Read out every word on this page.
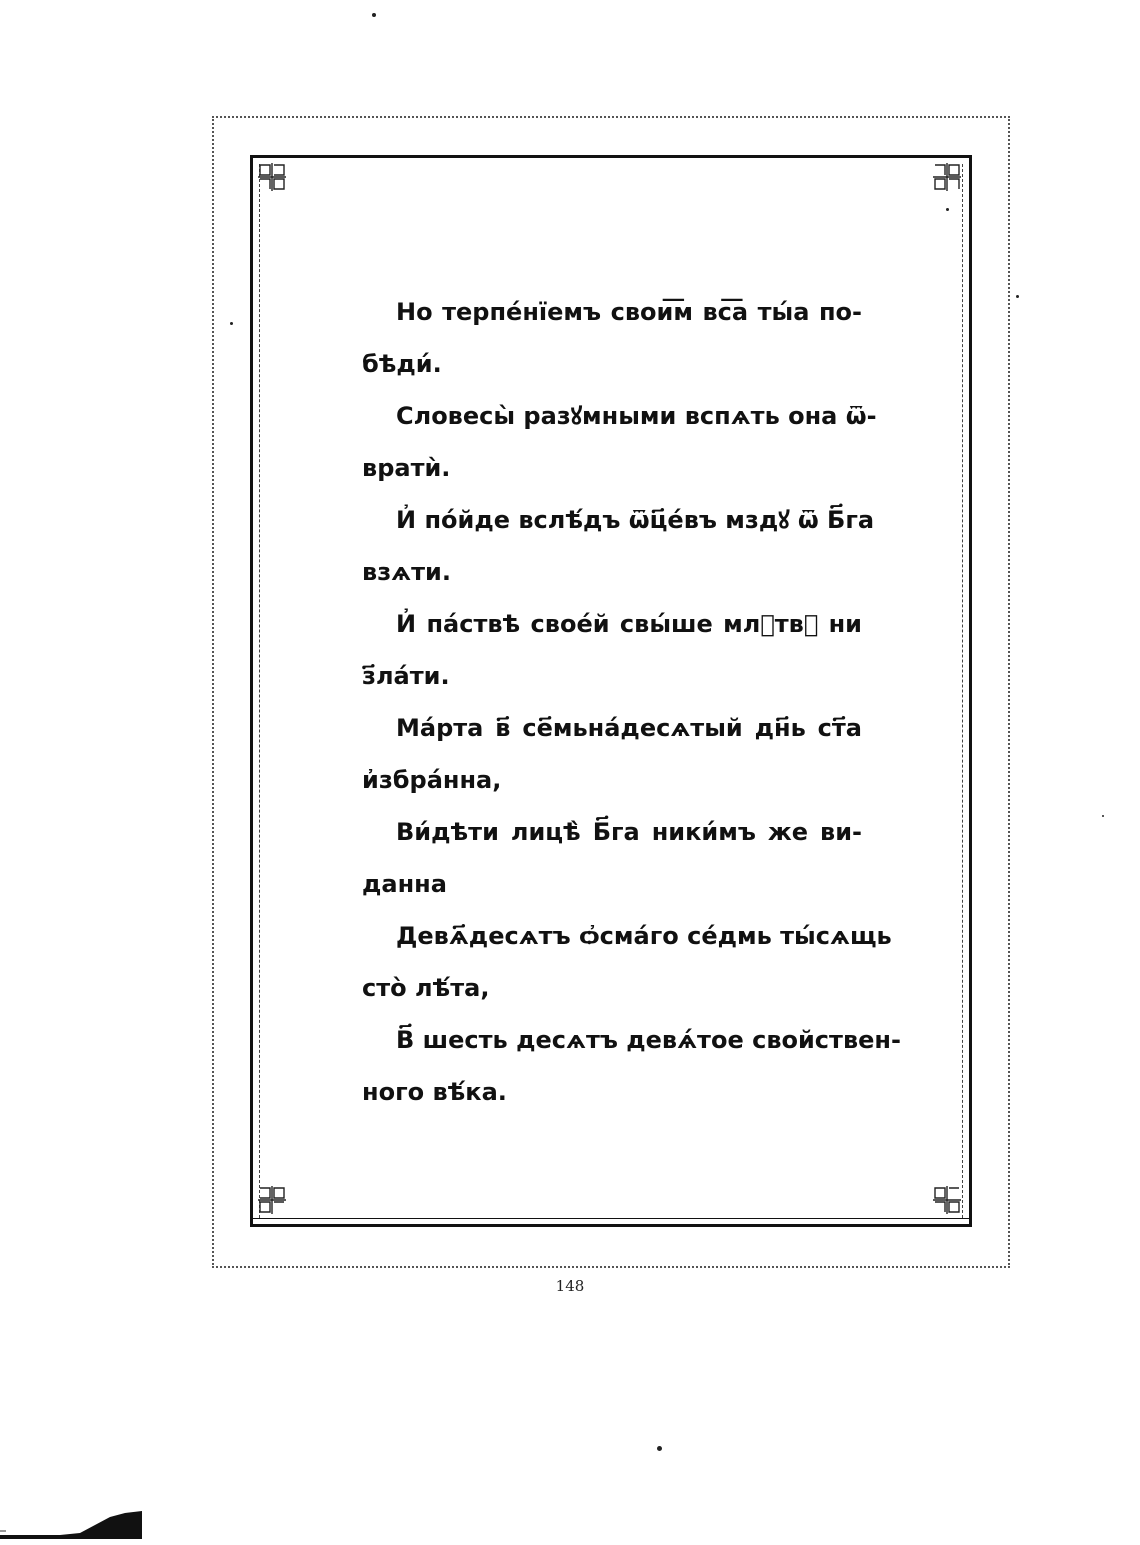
Но терпе́нїемъ свои͞м вс͞а ты́а по-
бѣди́.
Словесы̀ разꙋмными вспѧть она ѿ-
вратѝ.
И҆ по́йде вслѣ́дъ ѿц҃е́въ мздꙋ ѿ Б҃га
взѧти.
И҆ па́ствѣ свое́й свы́ше млⷮтвꙋ ни
з҃ла́ти.
Ма́рта в҃ се҃мьна́десѧтый дн҃ь ст҃а
и҆збра́нна,
Ви́дѣти лицѣ̀ Б҃га ники́мъ же ви-
данна
Девѧ҃десѧтъ ѻ҆сма́го се́дмь ты́сѧщь
сто̀ лѣ́та,
В҃ шесть десѧтъ девѧ́тое свойствен-
ного вѣ́ка.
148
